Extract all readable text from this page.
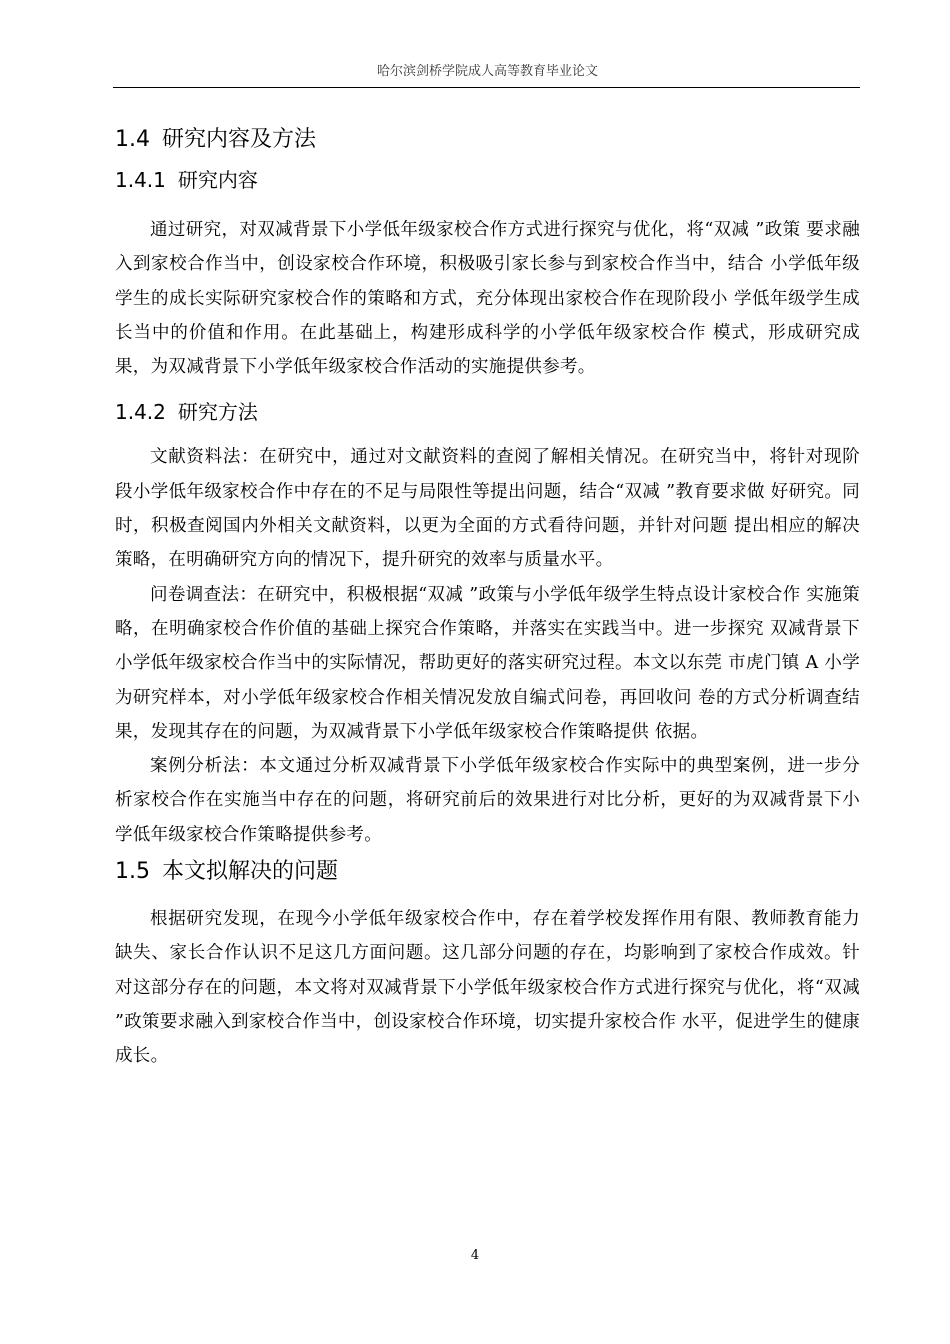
哈尔滨剑桥学院成人高等教育毕业论文
1.4 研究内容及方法
1.4.1 研究内容

通过研究，对双减背景下小学低年级家校合作方式进行探究与优化，将“双减 ”政策 要求融入到家校合作当中，创设家校合作环境，积极吸引家长参与到家校合作当中，结合 小学低年级学生的成长实际研究家校合作的策略和方式，充分体现出家校合作在现阶段小 学低年级学生成长当中的价值和作用。在此基础上，构建形成科学的小学低年级家校合作 模式，形成研究成果，为双减背景下小学低年级家校合作活动的实施提供参考。

1.4.2 研究方法

文献资料法：在研究中，通过对文献资料的查阅了解相关情况。在研究当中，将针对现阶段小学低年级家校合作中存在的不足与局限性等提出问题，结合“双减 ”教育要求做 好研究。同时，积极查阅国内外相关文献资料，以更为全面的方式看待问题，并针对问题 提出相应的解决策略，在明确研究方向的情况下，提升研究的效率与质量水平。

问卷调查法：在研究中，积极根据“双减 ”政策与小学低年级学生特点设计家校合作 实施策略，在明确家校合作价值的基础上探究合作策略，并落实在实践当中。进一步探究 双减背景下小学低年级家校合作当中的实际情况，帮助更好的落实研究过程。本文以东莞 市虎门镇 A 小学为研究样本，对小学低年级家校合作相关情况发放自编式问卷，再回收问 卷的方式分析调查结果，发现其存在的问题，为双减背景下小学低年级家校合作策略提供 依据。

案例分析法：本文通过分析双减背景下小学低年级家校合作实际中的典型案例，进一步分析家校合作在实施当中存在的问题，将研究前后的效果进行对比分析，更好的为双减背景下小学低年级家校合作策略提供参考。

1.5 本文拟解决的问题

根据研究发现，在现今小学低年级家校合作中，存在着学校发挥作用有限、教师教育能力缺失、家长合作认识不足这几方面问题。这几部分问题的存在，均影响到了家校合作成效。针对这部分存在的问题，本文将对双减背景下小学低年级家校合作方式进行探究与优化，将“双减 ”政策要求融入到家校合作当中，创设家校合作环境，切实提升家校合作 水平，促进学生的健康成长。

4
